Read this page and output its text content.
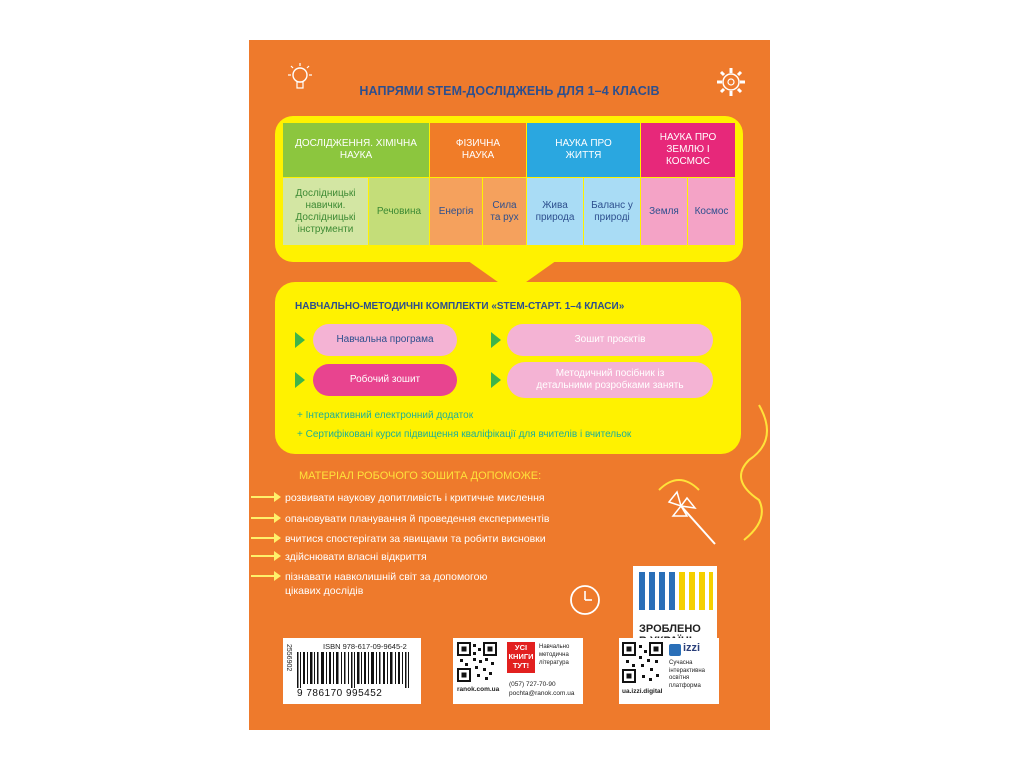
НАПРЯМИ STEM-ДОСЛІДЖЕНЬ ДЛЯ 1–4 КЛАСІВ
ДОСЛІДЖЕННЯ. ХІМІЧНА НАУКА
ФІЗИЧНА НАУКА
НАУКА ПРО ЖИТТЯ
НАУКА ПРО ЗЕМЛЮ І КОСМОС
Дослідницькі навички. Дослідницькі інструменти
Речовина Енергія
Сила та рух
Жива природа
Баланс у природі
Земля Космос
НАВЧАЛЬНО-МЕТОДИЧНІ КОМПЛЕКТИ «STEM-СТАРТ. 1–4 КЛАСИ»
Навчальна програма	Зошит проєктів
Робочий зошит
Методичний посібник із детальними розробками занять
+ Інтерактивний електронний додаток
+ Сертифіковані курси підвищення кваліфікації для вчителів і вчительок
МАТЕРІАЛ РОБОЧОГО ЗОШИТА ДОПОМОЖЕ:
розвивати наукову допитливість і критичне мислення
опановувати планування й проведення експериментів
вчитися спостерігати за явищами та робити висновки
здійснювати власні відкриття
пізнавати навколишній світ за допомогою
цікавих дослідів
ЗРОБЛЕНО
2556902	ISBN 978-617-09-9645-2
9 786170 995452
УСІ
КНИГИ
ТУТ!
Навчально
методична
література
ranok.com.ua
(057) 727-70-90
pochta@ranok.com.ua
izzi
Сучасна
інтерактивна
освітня
платформа
ua.izzi.digital
